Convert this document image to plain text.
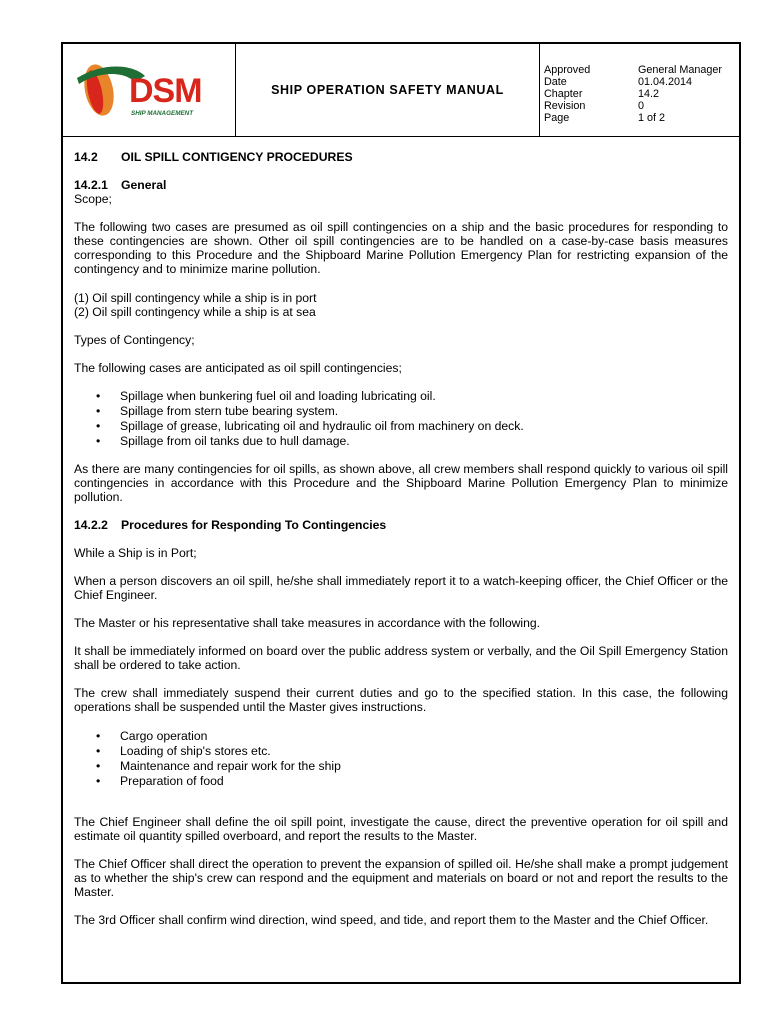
DSM
SHIP MANAGEMENT
SHIP OPERATION SAFETY MANUAL
Approved	General Manager
Date	01.04.2014
Chapter	14.2
Revision	0
Page	1 of 2
14.2 OIL SPILL CONTIGENCY PROCEDURES
14.2.1 General

Scope;

The following two cases are presumed as oil spill contingencies on a ship and the basic procedures for responding to these contingencies are shown. Other oil spill contingencies are to be handled on a case-by-case basis measures corresponding to this Procedure and the Shipboard Marine Pollution Emergency Plan for restricting expansion of the contingency and to minimize marine pollution.

(1) Oil spill contingency while a ship is in port

(2) Oil spill contingency while a ship is at sea

Types of Contingency;

The following cases are anticipated as oil spill contingencies;

• Spillage when bunkering fuel oil and loading lubricating oil.
• Spillage from stern tube bearing system.
• Spillage of grease, lubricating oil and hydraulic oil from machinery on deck.
• Spillage from oil tanks due to hull damage.

As there are many contingencies for oil spills, as shown above, all crew members shall respond quickly to various oil spill contingencies in accordance with this Procedure and the Shipboard Marine Pollution Emergency Plan to minimize pollution.

14.2.2 Procedures for Responding To Contingencies

While a Ship is in Port;

When a person discovers an oil spill, he/she shall immediately report it to a watch-keeping officer, the Chief Officer or the Chief Engineer.

The Master or his representative shall take measures in accordance with the following.

It shall be immediately informed on board over the public address system or verbally, and the Oil Spill Emergency Station shall be ordered to take action.

The crew shall immediately suspend their current duties and go to the specified station. In this case, the following operations shall be suspended until the Master gives instructions.

• Cargo operation
• Loading of ship's stores etc.
• Maintenance and repair work for the ship
• Preparation of food

The Chief Engineer shall define the oil spill point, investigate the cause, direct the preventive operation for oil spill and estimate oil quantity spilled overboard, and report the results to the Master.

The Chief Officer shall direct the operation to prevent the expansion of spilled oil. He/she shall make a prompt judgement as to whether the ship's crew can respond and the equipment and materials on board or not and report the results to the Master.

The 3rd Officer shall confirm wind direction, wind speed, and tide, and report them to the Master and the Chief Officer.
